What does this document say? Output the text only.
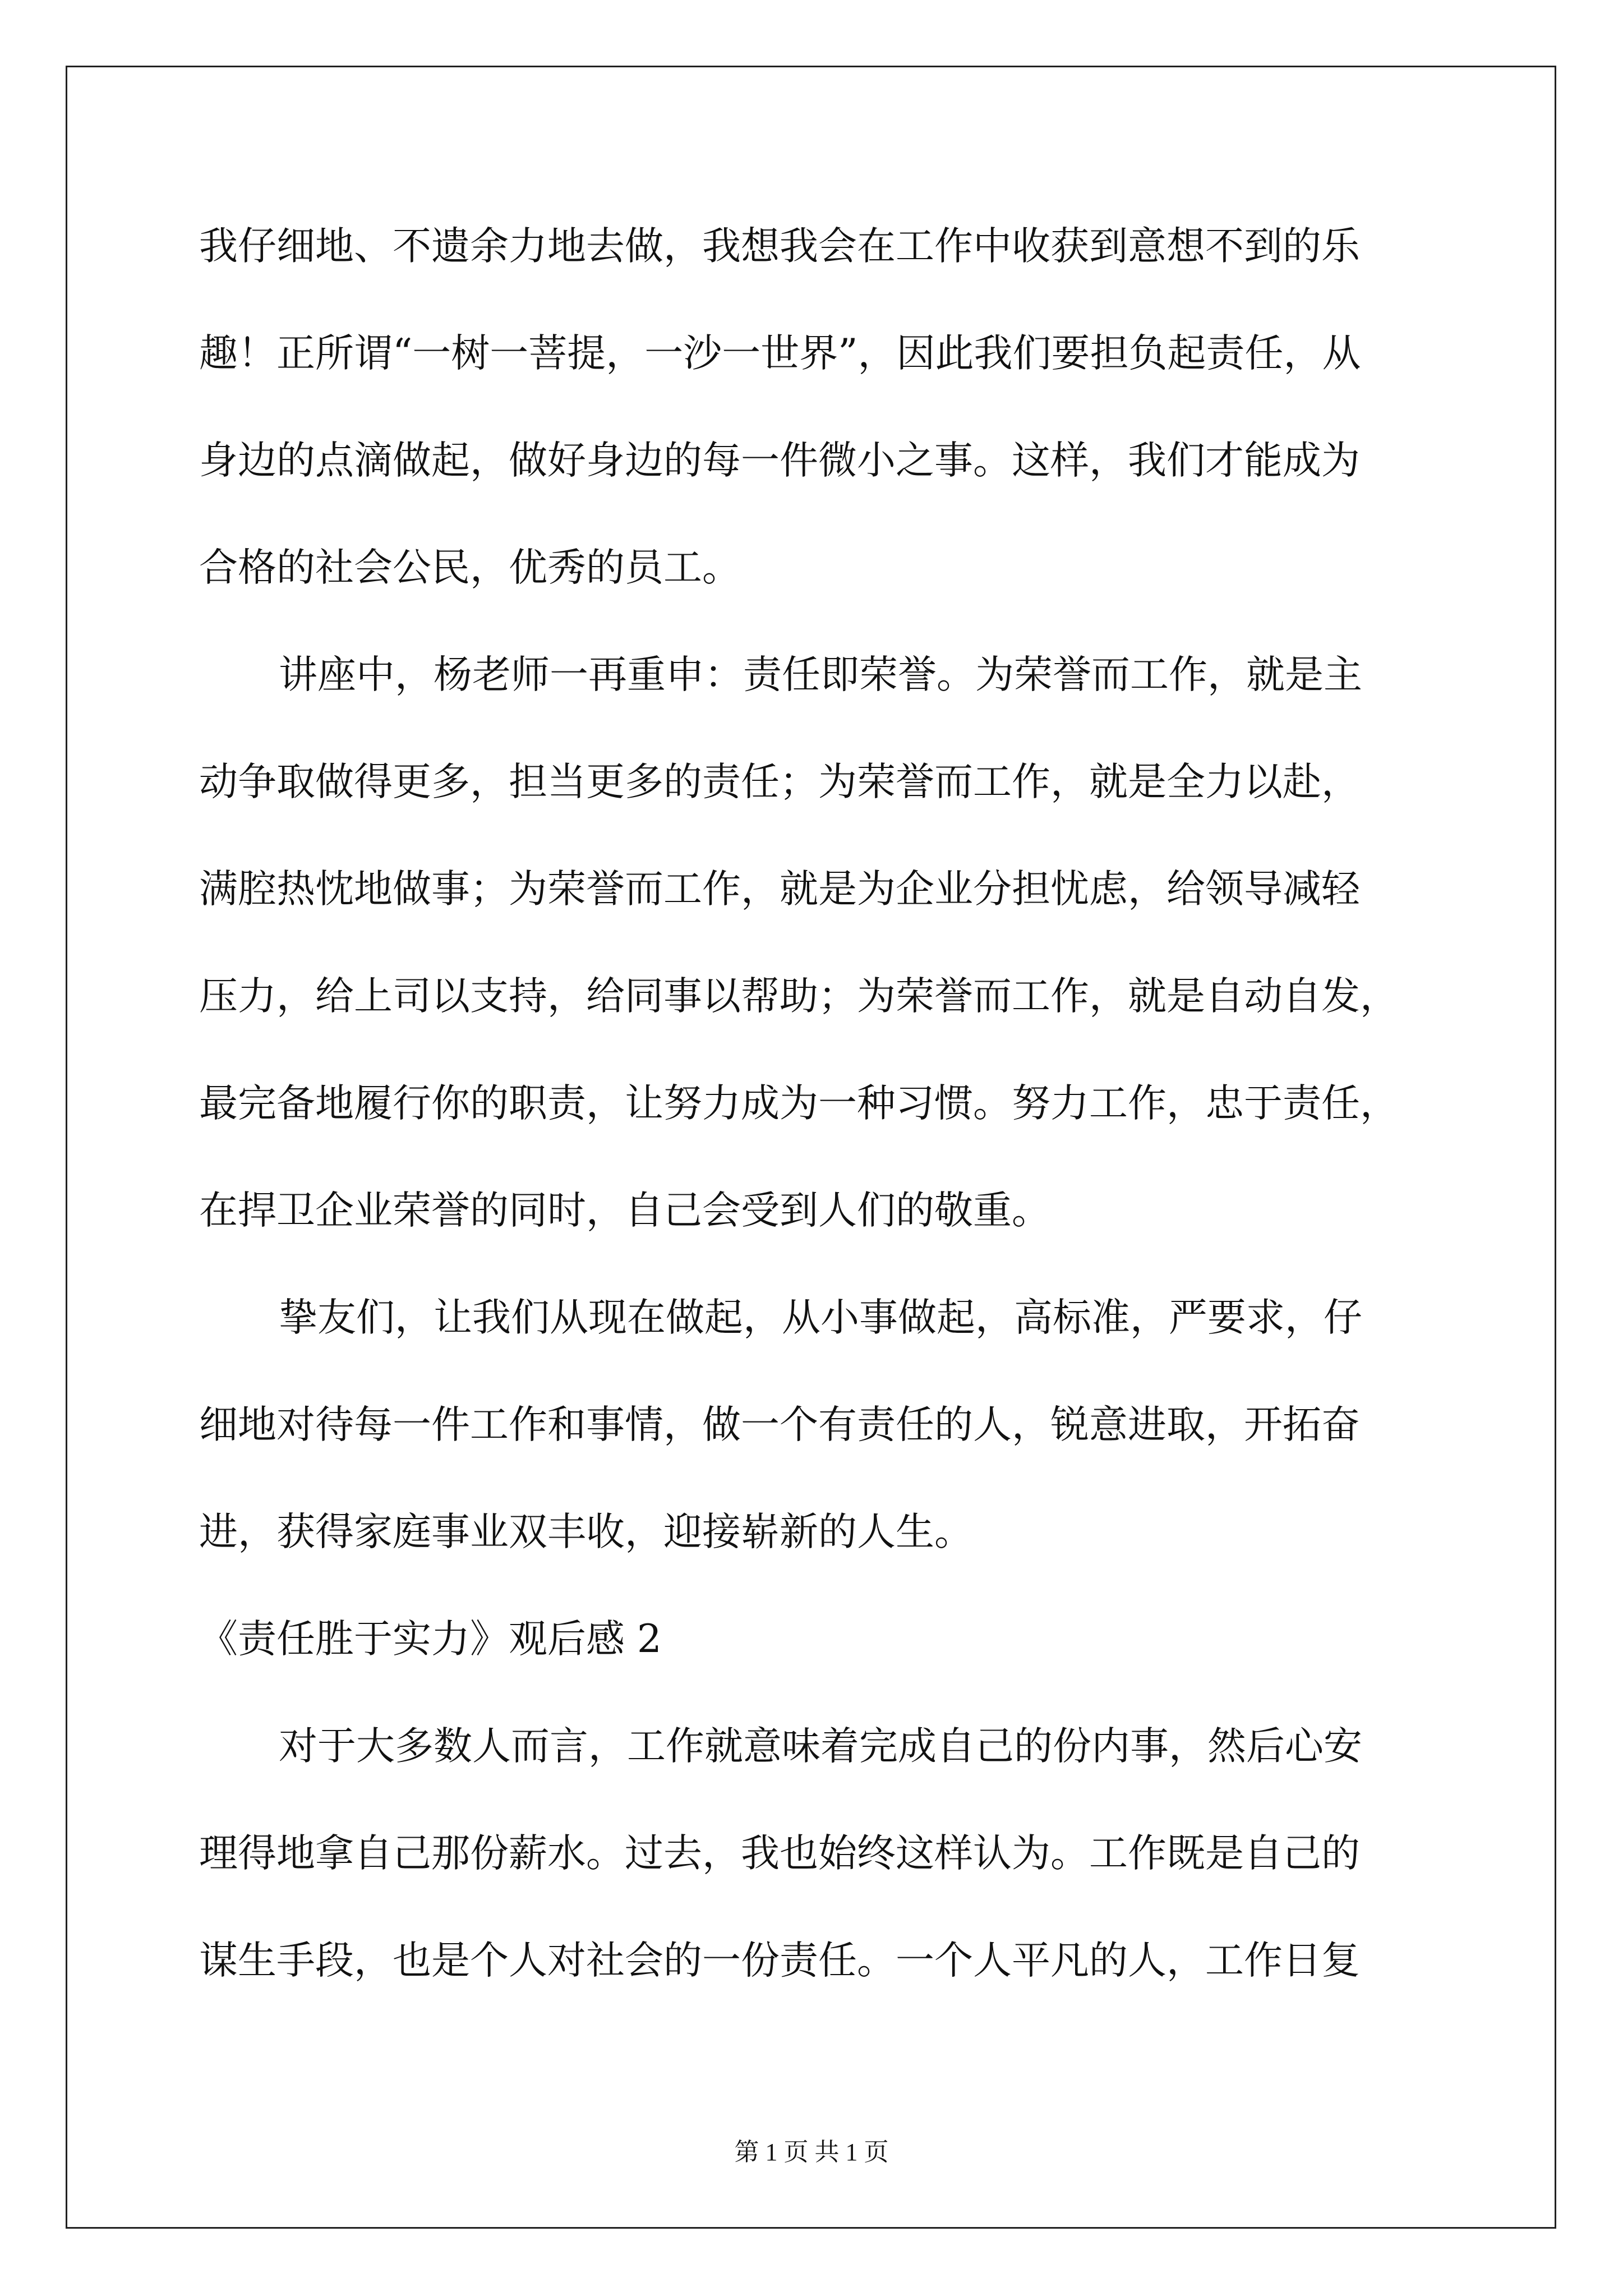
我仔细地、不遗余力地去做，我想我会在工作中收获到意想不到的乐
趣！正所谓“一树一菩提，一沙一世界”，因此我们要担负起责任，从
身边的点滴做起，做好身边的每一件微小之事。这样，我们才能成为
合格的社会公民，优秀的员工。
讲座中，杨老师一再重申：责任即荣誉。为荣誉而工作，就是主
动争取做得更多，担当更多的责任；为荣誉而工作，就是全力以赴，
满腔热忱地做事；为荣誉而工作，就是为企业分担忧虑，给领导减轻
压力，给上司以支持，给同事以帮助；为荣誉而工作，就是自动自发，
最完备地履行你的职责，让努力成为一种习惯。努力工作，忠于责任，
在捍卫企业荣誉的同时，自己会受到人们的敬重。
挚友们，让我们从现在做起，从小事做起，高标准，严要求，仔
细地对待每一件工作和事情，做一个有责任的人，锐意进取，开拓奋
进，获得家庭事业双丰收，迎接崭新的人生。
《责任胜于实力》观后感 2
对于大多数人而言，工作就意味着完成自己的份内事，然后心安
理得地拿自己那份薪水。过去，我也始终这样认为。工作既是自己的
谋生手段，也是个人对社会的一份责任。一个人平凡的人，工作日复
第 1 页 共 1 页
